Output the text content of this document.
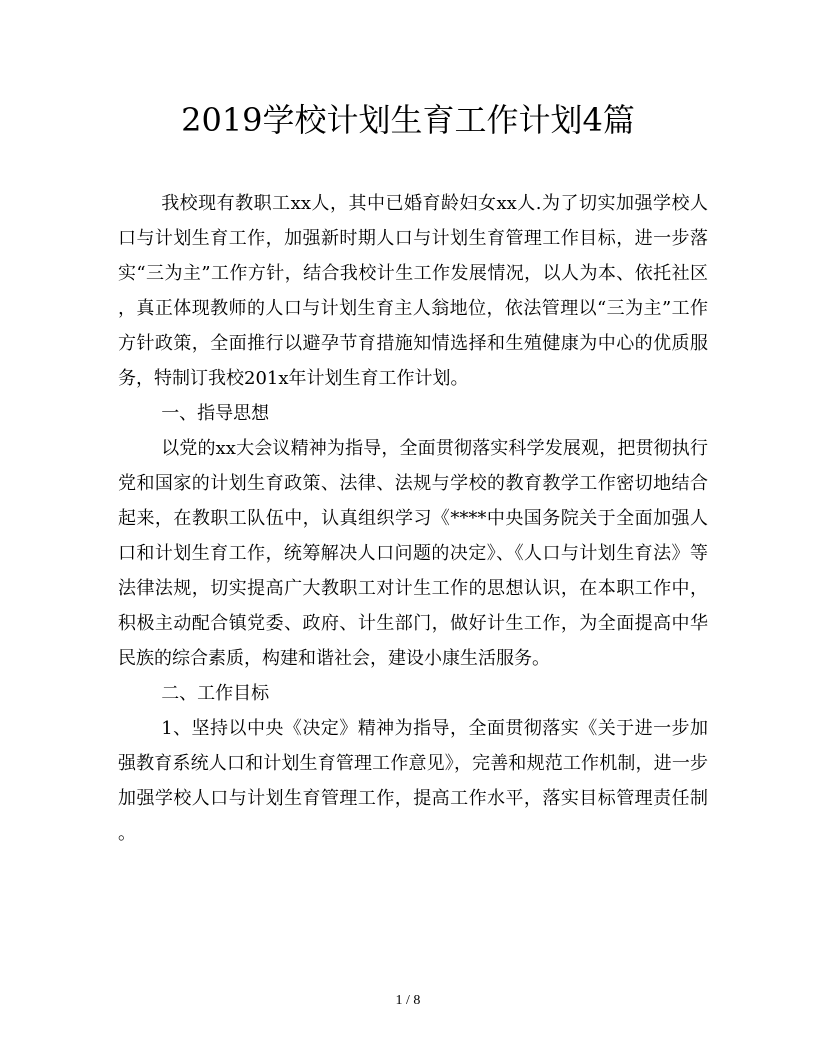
2019学校计划生育工作计划4篇

我校现有教职工xx人，其中已婚育龄妇女xx人.为了切实加强学校人口与计划生育工作，加强新时期人口与计划生育管理工作目标，进一步落实“三为主”工作方针，结合我校计生工作发展情况，以人为本、依托社区，真正体现教师的人口与计划生育主人翁地位，依法管理以“三为主”工作方针政策，全面推行以避孕节育措施知情选择和生殖健康为中心的优质服务，特制订我校201x年计划生育工作计划。

一、指导思想

以党的xx大会议精神为指导，全面贯彻落实科学发展观，把贯彻执行党和国家的计划生育政策、法律、法规与学校的教育教学工作密切地结合起来，在教职工队伍中，认真组织学习《****中央国务院关于全面加强人口和计划生育工作，统筹解决人口问题的决定》、《人口与计划生育法》等法律法规，切实提高广大教职工对计生工作的思想认识，在本职工作中，积极主动配合镇党委、政府、计生部门，做好计生工作，为全面提高中华民族的综合素质，构建和谐社会，建设小康生活服务。

二、工作目标

1、坚持以中央《决定》精神为指导，全面贯彻落实《关于进一步加强教育系统人口和计划生育管理工作意见》，完善和规范工作机制，进一步加强学校人口与计划生育管理工作，提高工作水平，落实目标管理责任制。

1 / 8
